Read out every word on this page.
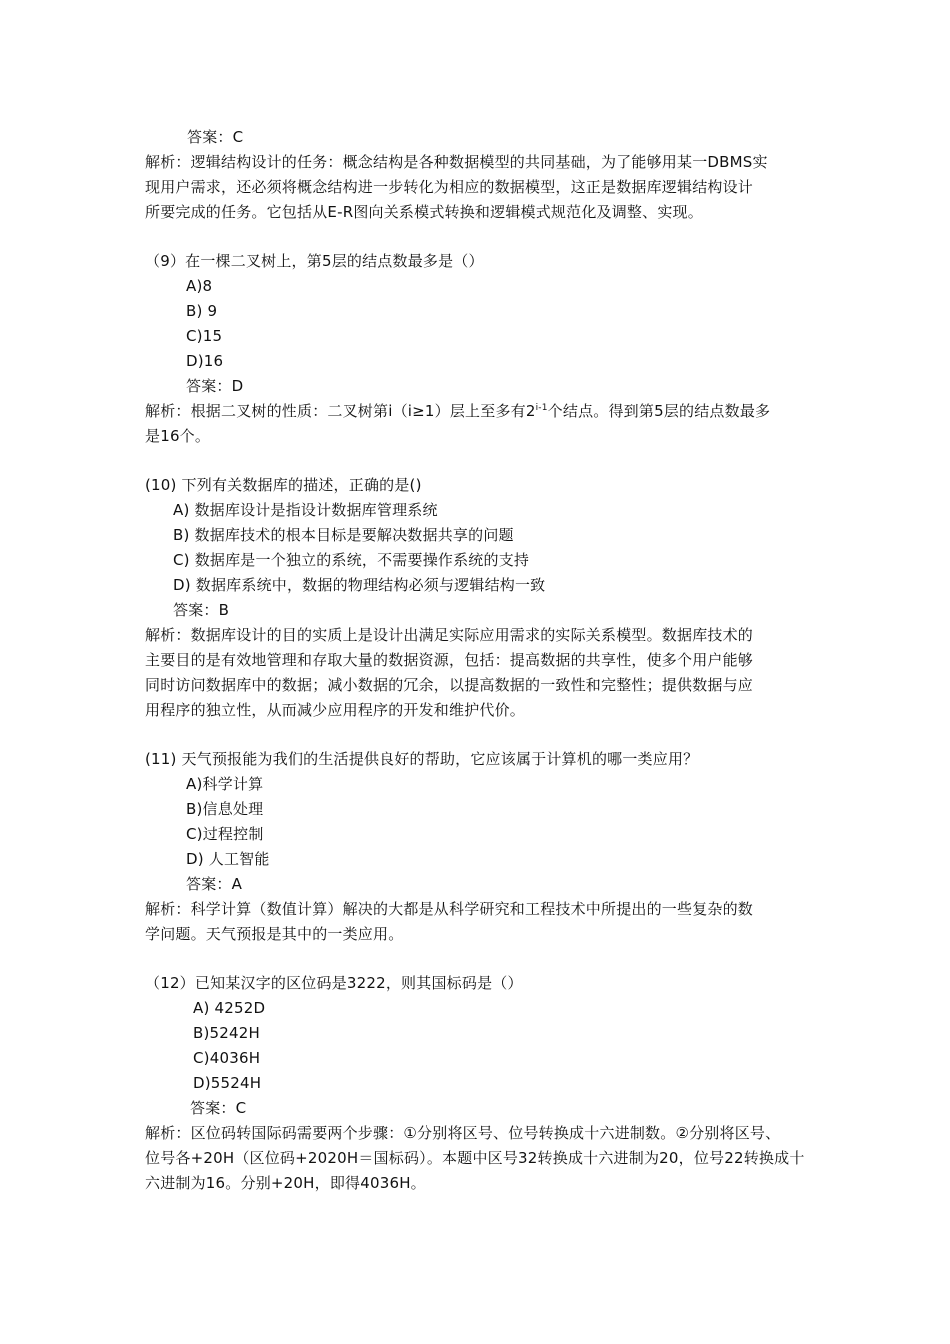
答案：C
解析：逻辑结构设计的任务：概念结构是各种数据模型的共同基础，为了能够用某一DBMS实
现用户需求，还必须将概念结构进一步转化为相应的数据模型，这正是数据库逻辑结构设计
所要完成的任务。它包括从E-R图向关系模式转换和逻辑模式规范化及调整、实现。
（9）在一棵二叉树上，第5层的结点数最多是（）
A)8
B) 9
C)15
D)16
答案：D
解析：根据二叉树的性质：二叉树第i（i≥1）层上至多有2$^{i-1}$个结点。得到第5层的结点数最多
是16个。
(10) 下列有关数据库的描述，正确的是()
A) 数据库设计是指设计数据库管理系统
B) 数据库技术的根本目标是要解决数据共享的问题
C) 数据库是一个独立的系统，不需要操作系统的支持
D) 数据库系统中，数据的物理结构必须与逻辑结构一致
答案：B
解析：数据库设计的目的实质上是设计出满足实际应用需求的实际关系模型。数据库技术的
主要目的是有效地管理和存取大量的数据资源，包括：提高数据的共享性，使多个用户能够
同时访问数据库中的数据；减小数据的冗余，以提高数据的一致性和完整性；提供数据与应
用程序的独立性，从而减少应用程序的开发和维护代价。
(11) 天气预报能为我们的生活提供良好的帮助，它应该属于计算机的哪一类应用？
A)科学计算
B)信息处理
C)过程控制
D) 人工智能
答案：A
解析：科学计算（数值计算）解决的大都是从科学研究和工程技术中所提出的一些复杂的数
学问题。天气预报是其中的一类应用。
（12）已知某汉字的区位码是3222，则其国标码是（）
A) 4252D
B)5242H
C)4036H
D)5524H
答案：C
解析：区位码转国际码需要两个步骤：①分别将区号、位号转换成十六进制数。②分别将区号、
位号各+20H（区位码+2020H＝国标码）。本题中区号32转换成十六进制为20，位号22转换成十
六进制为16。分别+20H，即得4036H。
